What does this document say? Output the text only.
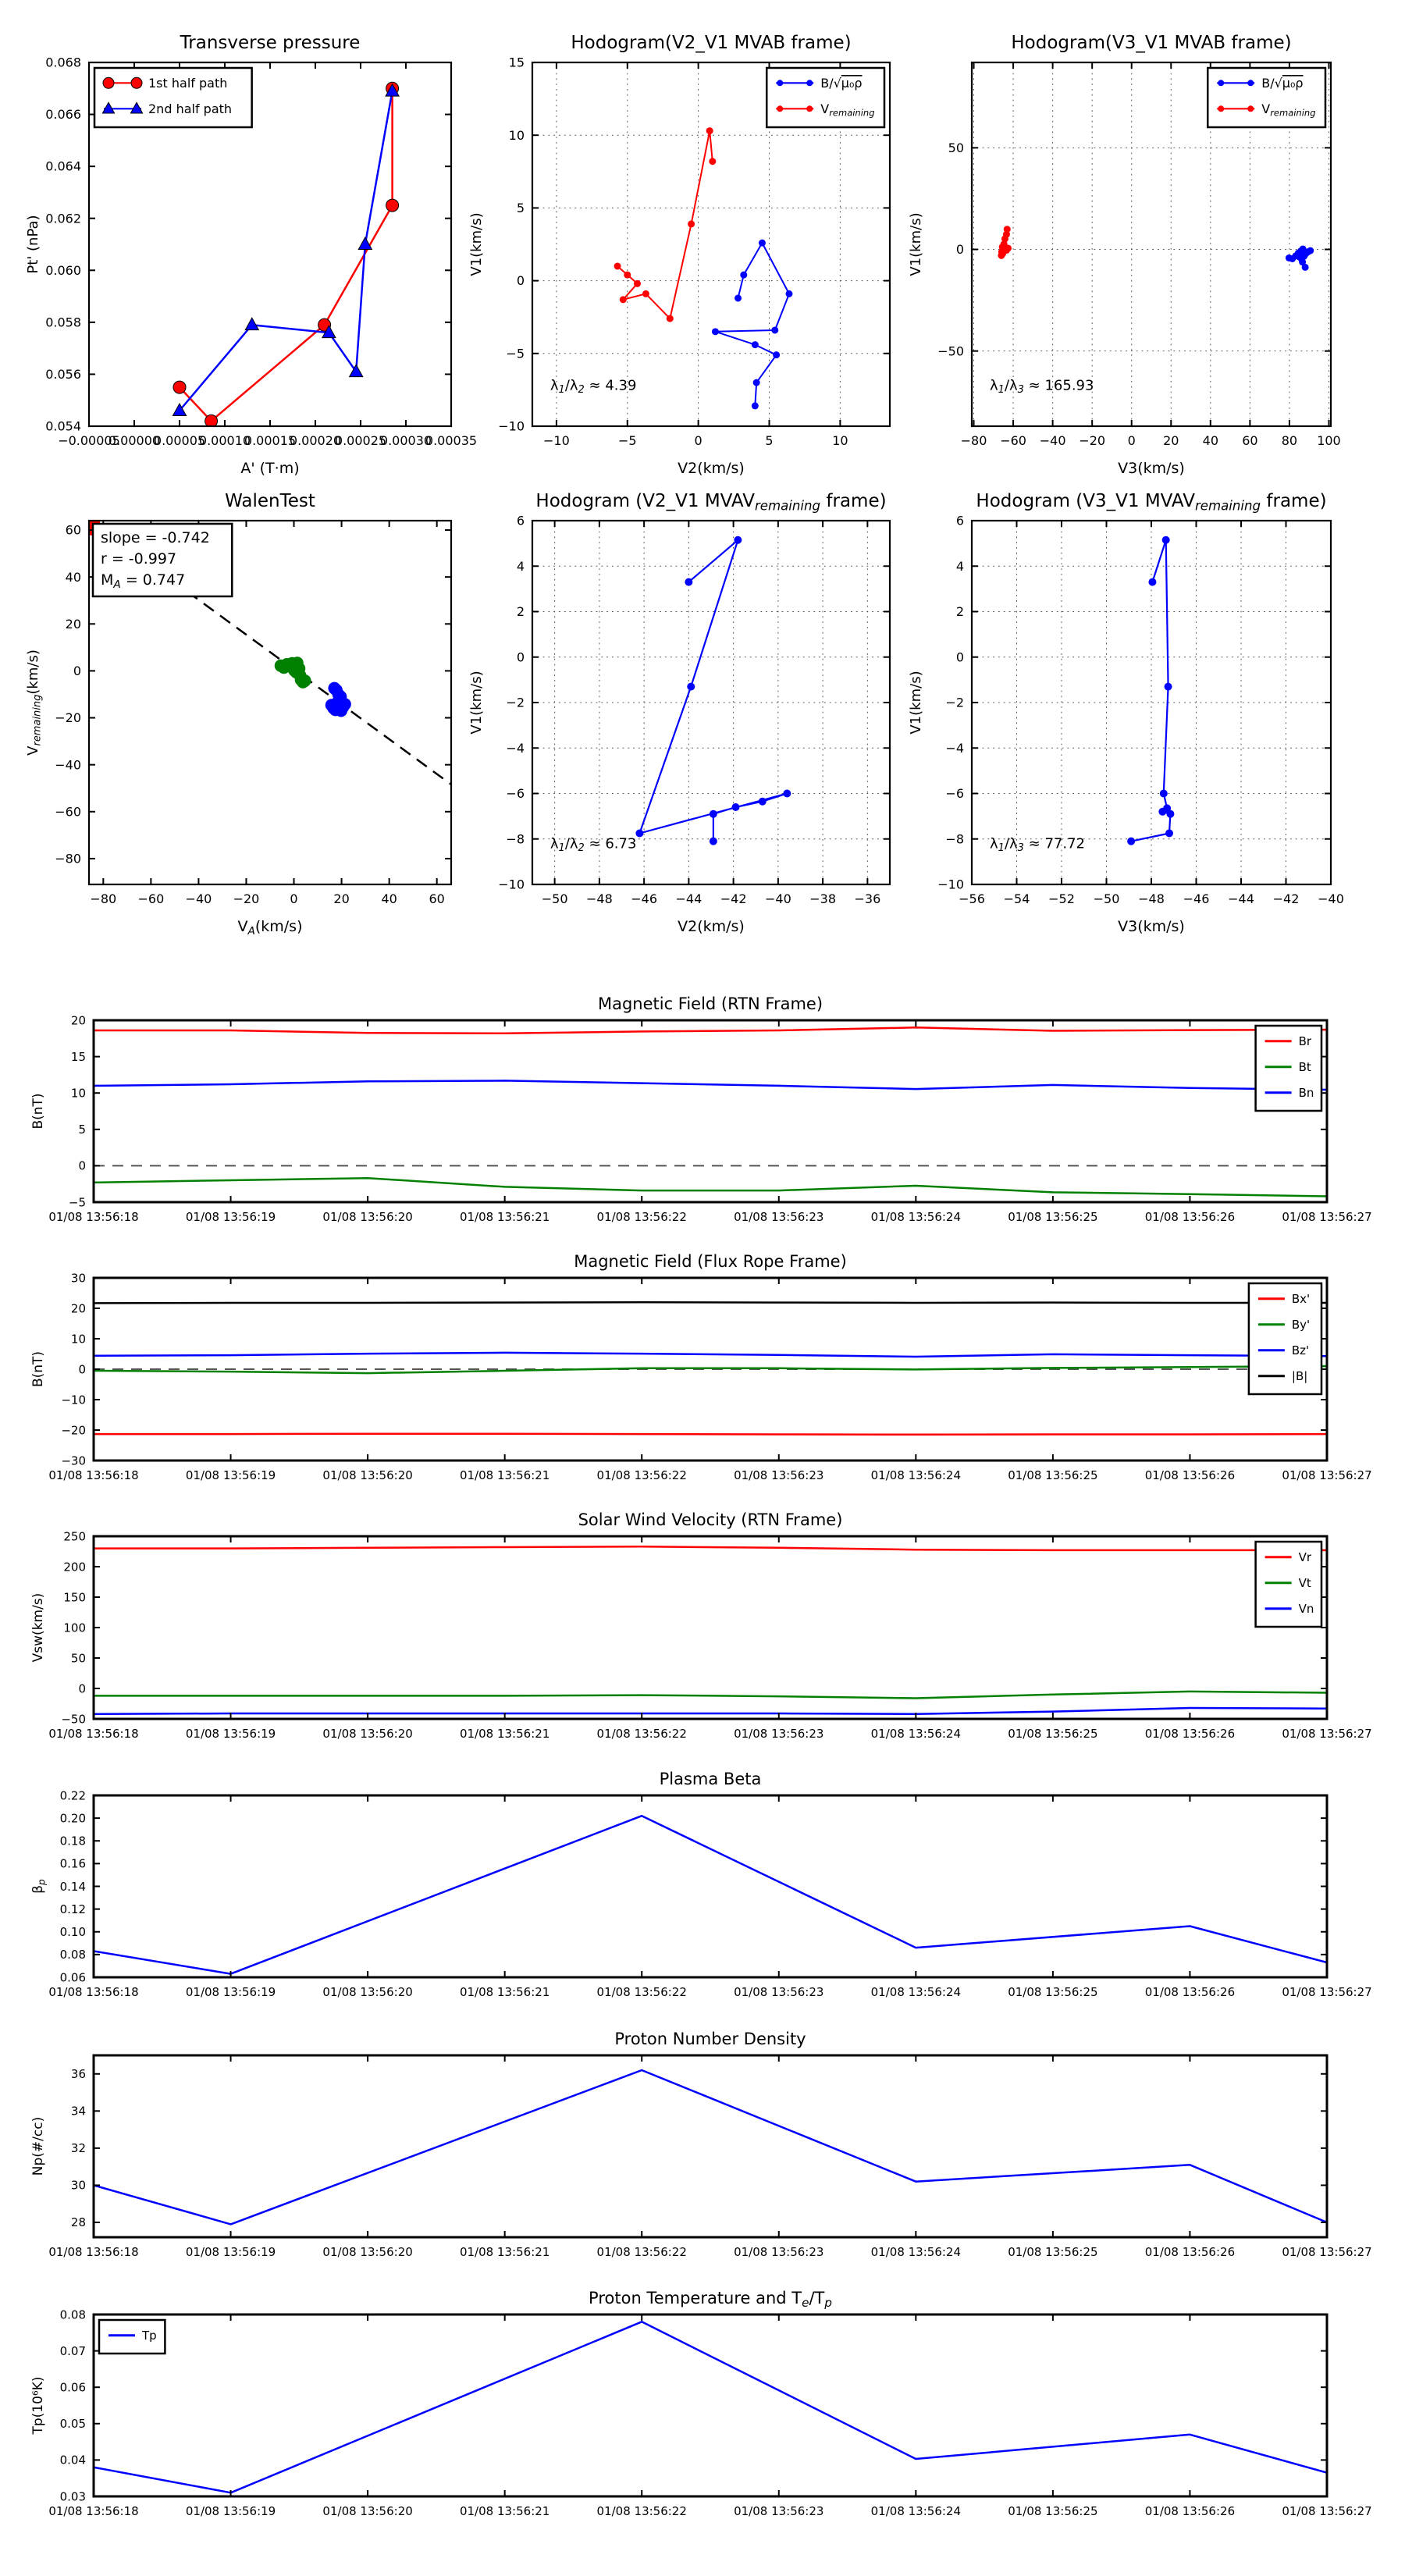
−0.00005
0.00000
0.00005
0.00010
0.00015
0.00020
0.00025
0.00030
0.00035
0.054
0.056
0.058
0.060
0.062
0.064
0.066
0.068
Transverse pressure
A' (T·m)
Pt' (nPa)
1st half path
2nd half path
−10	−5	0	5	10
−10
−5
0
5
10
15
Hodogram(V2_V1 MVAB frame)
V2(km/s)
V1(km/s)
B/√μ₀ρ
$V_{remaining}$
$\lambda_1/\lambda_2 \approx 4.39$
−80 −60 −40 −20 0 20 40 60 80 100
−50
0
50
Hodogram(V3_V1 MVAB frame)
V3(km/s)
V1(km/s)
B/√μ₀ρ
$V_{remaining}$
$\lambda_1/\lambda_3 \approx 165.93$
−80 −60 −40 −20 0	20	40	60
−80
−60
−40
−20
0
20
40
60
WalenTest
$V_A(km/s)$
$V_{remaining}(km/s)$
slope = -0.742
r = -0.997
$M_A = 0.747$
−50 −48 −46 −44 −42 −40 −38 −36
−10
−8
−6
−4
−2
0
2
4
6
Hodogram (V2_V1 $MVAV_{remaining}$ frame)
V2(km/s)
V1(km/s)
$\lambda_1/\lambda_2 \approx 6.73$
−56 −54 −52 −50 −48 −46 −44 −42 −40
−10
−8
−6
−4
−2
0
2
4
6
Hodogram (V3_V1 $MVAV_{remaining}$ frame)
V3(km/s)
V1(km/s)
$\lambda_1/\lambda_3 \approx 77.72$
01/08 13:56:18	01/08 13:56:19	01/08 13:56:20	01/08 13:56:21	01/08 13:56:22	01/08 13:56:23	01/08 13:56:24	01/08 13:56:25	01/08 13:56:26	01/08 13:56:27
−5
0
5
10
15
20
Magnetic Field (RTN Frame)
B(nT)
Br
Bt
Bn
01/08 13:56:18	01/08 13:56:19	01/08 13:56:20	01/08 13:56:21	01/08 13:56:22	01/08 13:56:23	01/08 13:56:24	01/08 13:56:25	01/08 13:56:26	01/08 13:56:27
−30
−20
−10
0
10
20
30
Magnetic Field (Flux Rope Frame)
B(nT)
Bx'
By'
Bz'
|B|
01/08 13:56:18	01/08 13:56:19	01/08 13:56:20	01/08 13:56:21	01/08 13:56:22	01/08 13:56:23	01/08 13:56:24	01/08 13:56:25	01/08 13:56:26	01/08 13:56:27
−50
0
50
100
150
200
250
Solar Wind Velocity (RTN Frame)
Vsw(km/s)
Vr
Vt
Vn
01/08 13:56:18	01/08 13:56:19	01/08 13:56:20	01/08 13:56:21	01/08 13:56:22	01/08 13:56:23	01/08 13:56:24	01/08 13:56:25	01/08 13:56:26	01/08 13:56:27
0.06
0.08
0.10
0.12
0.14
0.16
0.18
0.20
0.22
Plasma Beta
$\beta_p$
01/08 13:56:18	01/08 13:56:19	01/08 13:56:20	01/08 13:56:21	01/08 13:56:22	01/08 13:56:23	01/08 13:56:24	01/08 13:56:25	01/08 13:56:26	01/08 13:56:27
28
30
32
34
36
Proton Number Density
Np(#/cc)
01/08 13:56:18	01/08 13:56:19	01/08 13:56:20	01/08 13:56:21	01/08 13:56:22	01/08 13:56:23	01/08 13:56:24	01/08 13:56:25	01/08 13:56:26	01/08 13:56:27
0.03
0.04
0.05
0.06
0.07
0.08
Proton Temperature and $T_e/T_p$
Tp(10⁶K)
Tp
